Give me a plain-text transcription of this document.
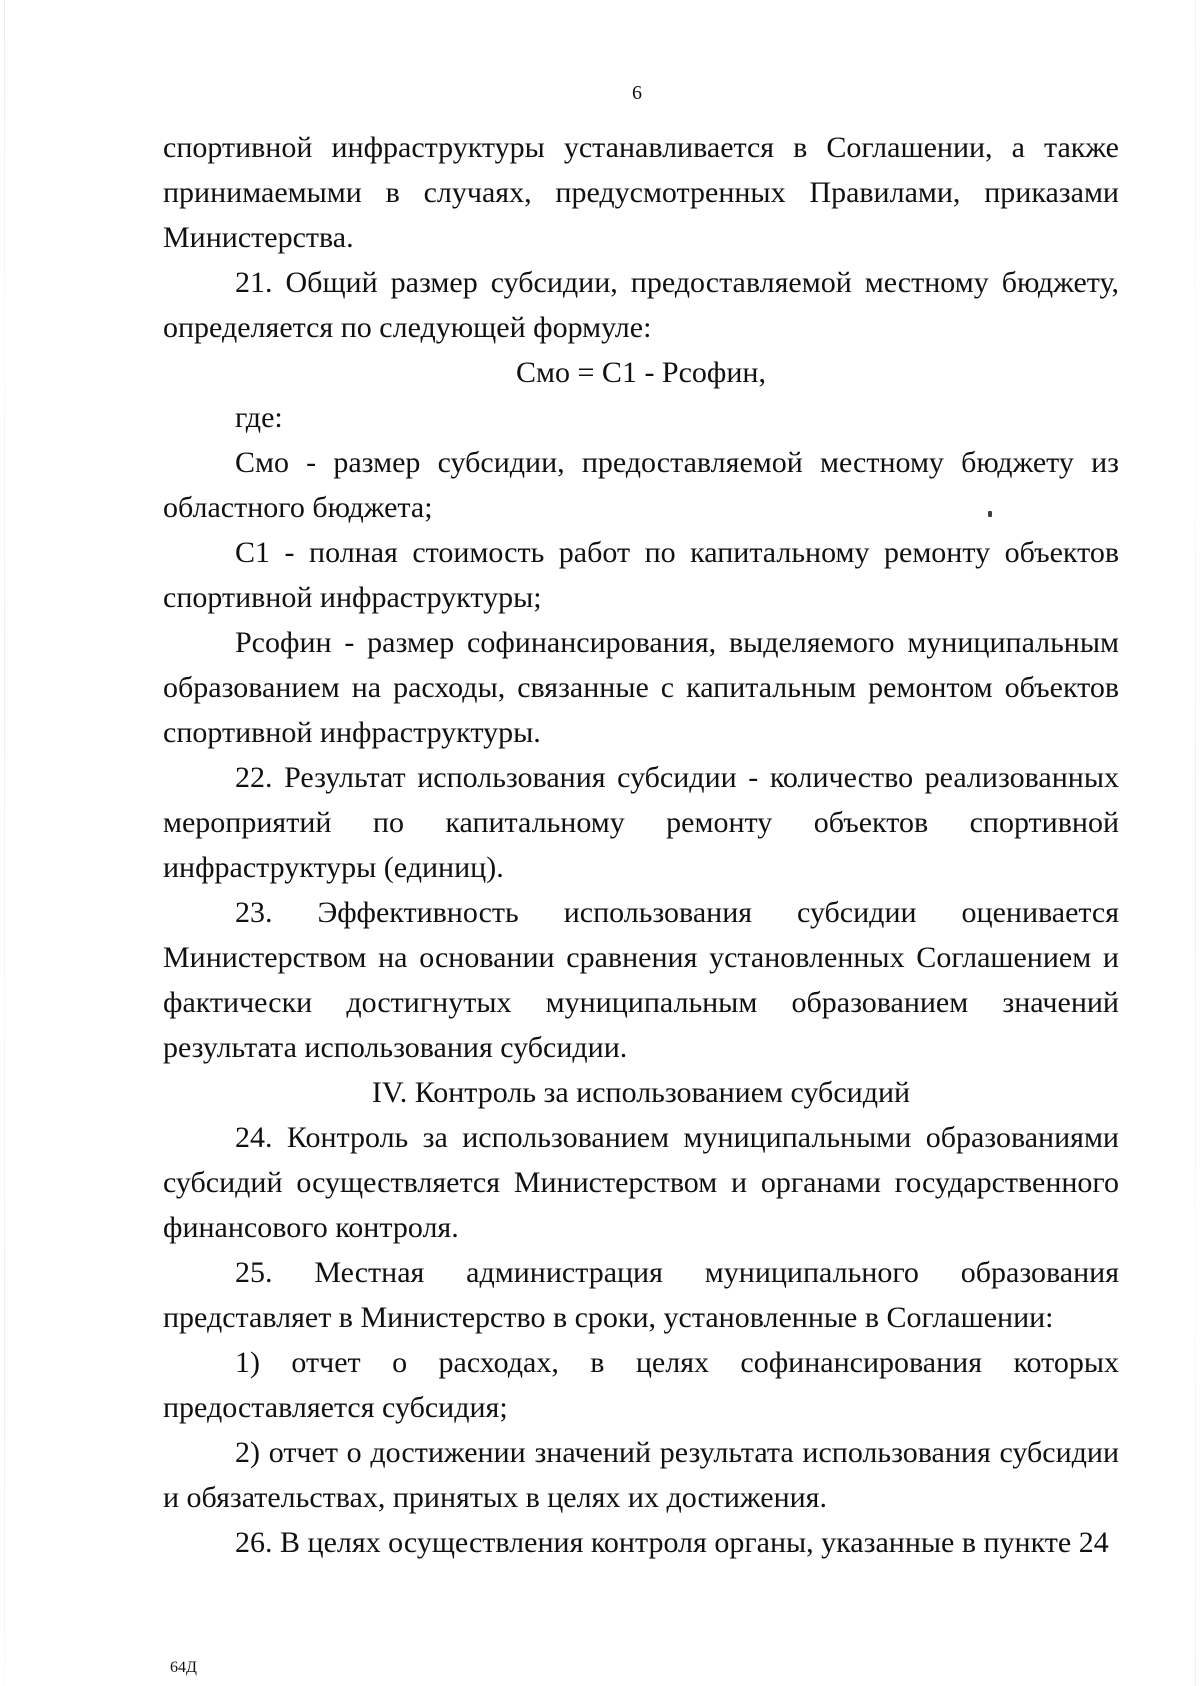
6

спортивной инфраструктуры устанавливается в Соглашении, а также принимаемыми в случаях, предусмотренных Правилами, приказами Министерства.

21. Общий размер субсидии, предоставляемой местному бюджету, определяется по следующей формуле:

Смо = С1 - Рсофин,

где:

Смо - размер субсидии, предоставляемой местному бюджету из областного бюджета;

С1 - полная стоимость работ по капитальному ремонту объектов спортивной инфраструктуры;

Рсофин - размер софинансирования, выделяемого муниципальным образованием на расходы, связанные с капитальным ремонтом объектов спортивной инфраструктуры.

22. Результат использования субсидии - количество реализованных мероприятий по капитальному ремонту объектов спортивной инфраструктуры (единиц).

23. Эффективность использования субсидии оценивается Министерством на основании сравнения установленных Соглашением и фактически достигнутых муниципальным образованием значений результата использования субсидии.

IV. Контроль за использованием субсидий

24. Контроль за использованием муниципальными образованиями субсидий осуществляется Министерством и органами государственного финансового контроля.

25. Местная администрация муниципального образования представляет в Министерство в сроки, установленные в Соглашении:

1) отчет о расходах, в целях софинансирования которых предоставляется субсидия;

2) отчет о достижении значений результата использования субсидии и обязательствах, принятых в целях их достижения.

26. В целях осуществления контроля органы, указанные в пункте 24

64Д
